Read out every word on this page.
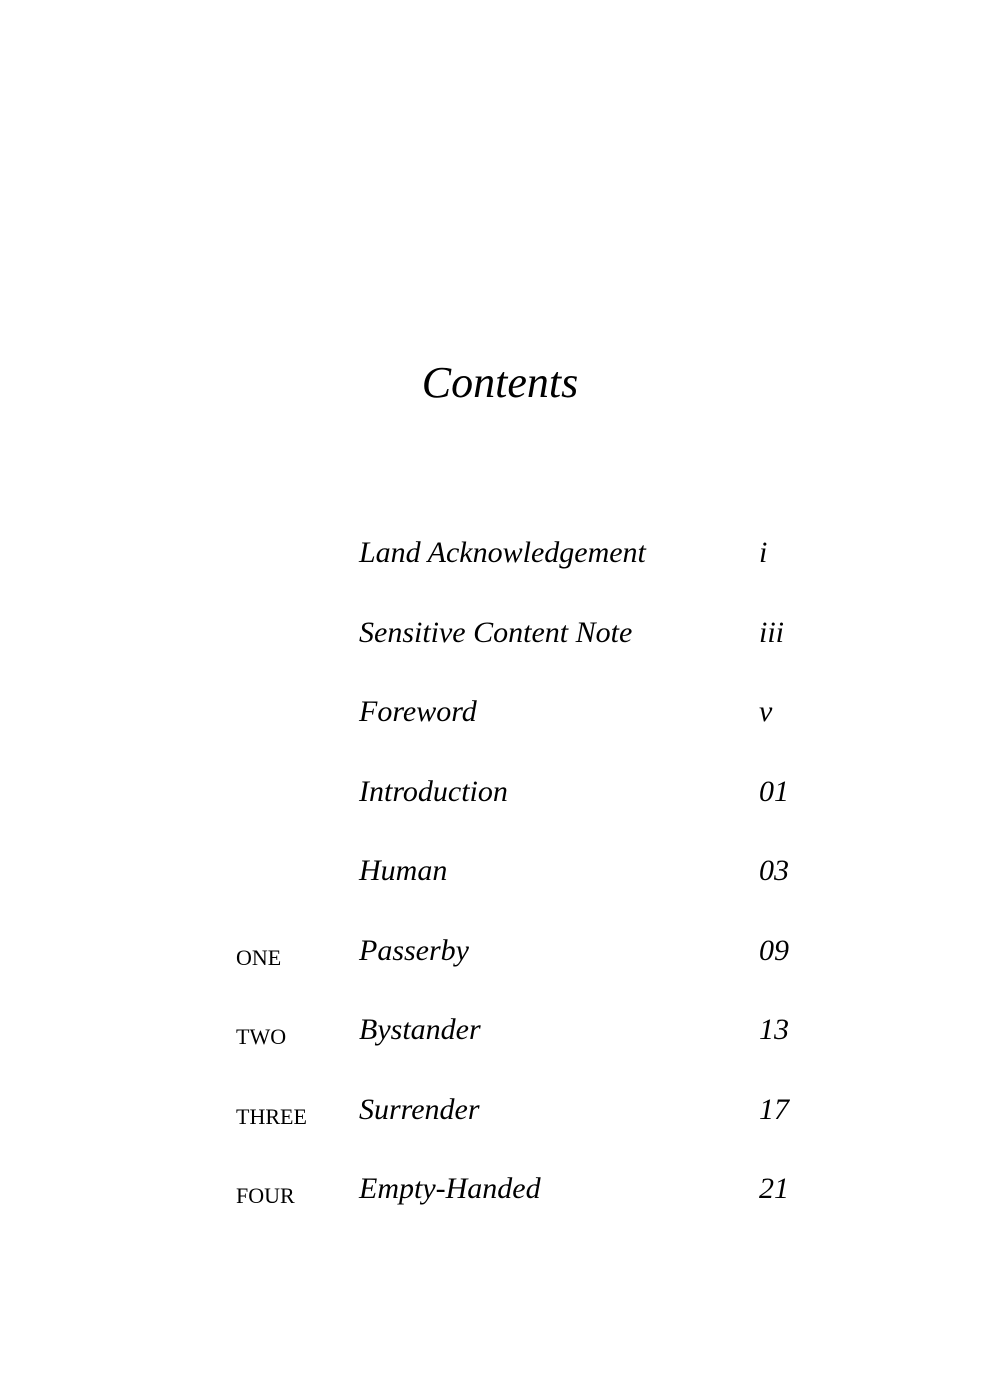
Contents
Land Acknowledgement	i
Sensitive Content Note	iii
Foreword	v
Introduction	01
Human	03
ONE	Passerby	09
TWO Bystander	13
THREE Surrender	17
FOUR Empty-Handed	21
